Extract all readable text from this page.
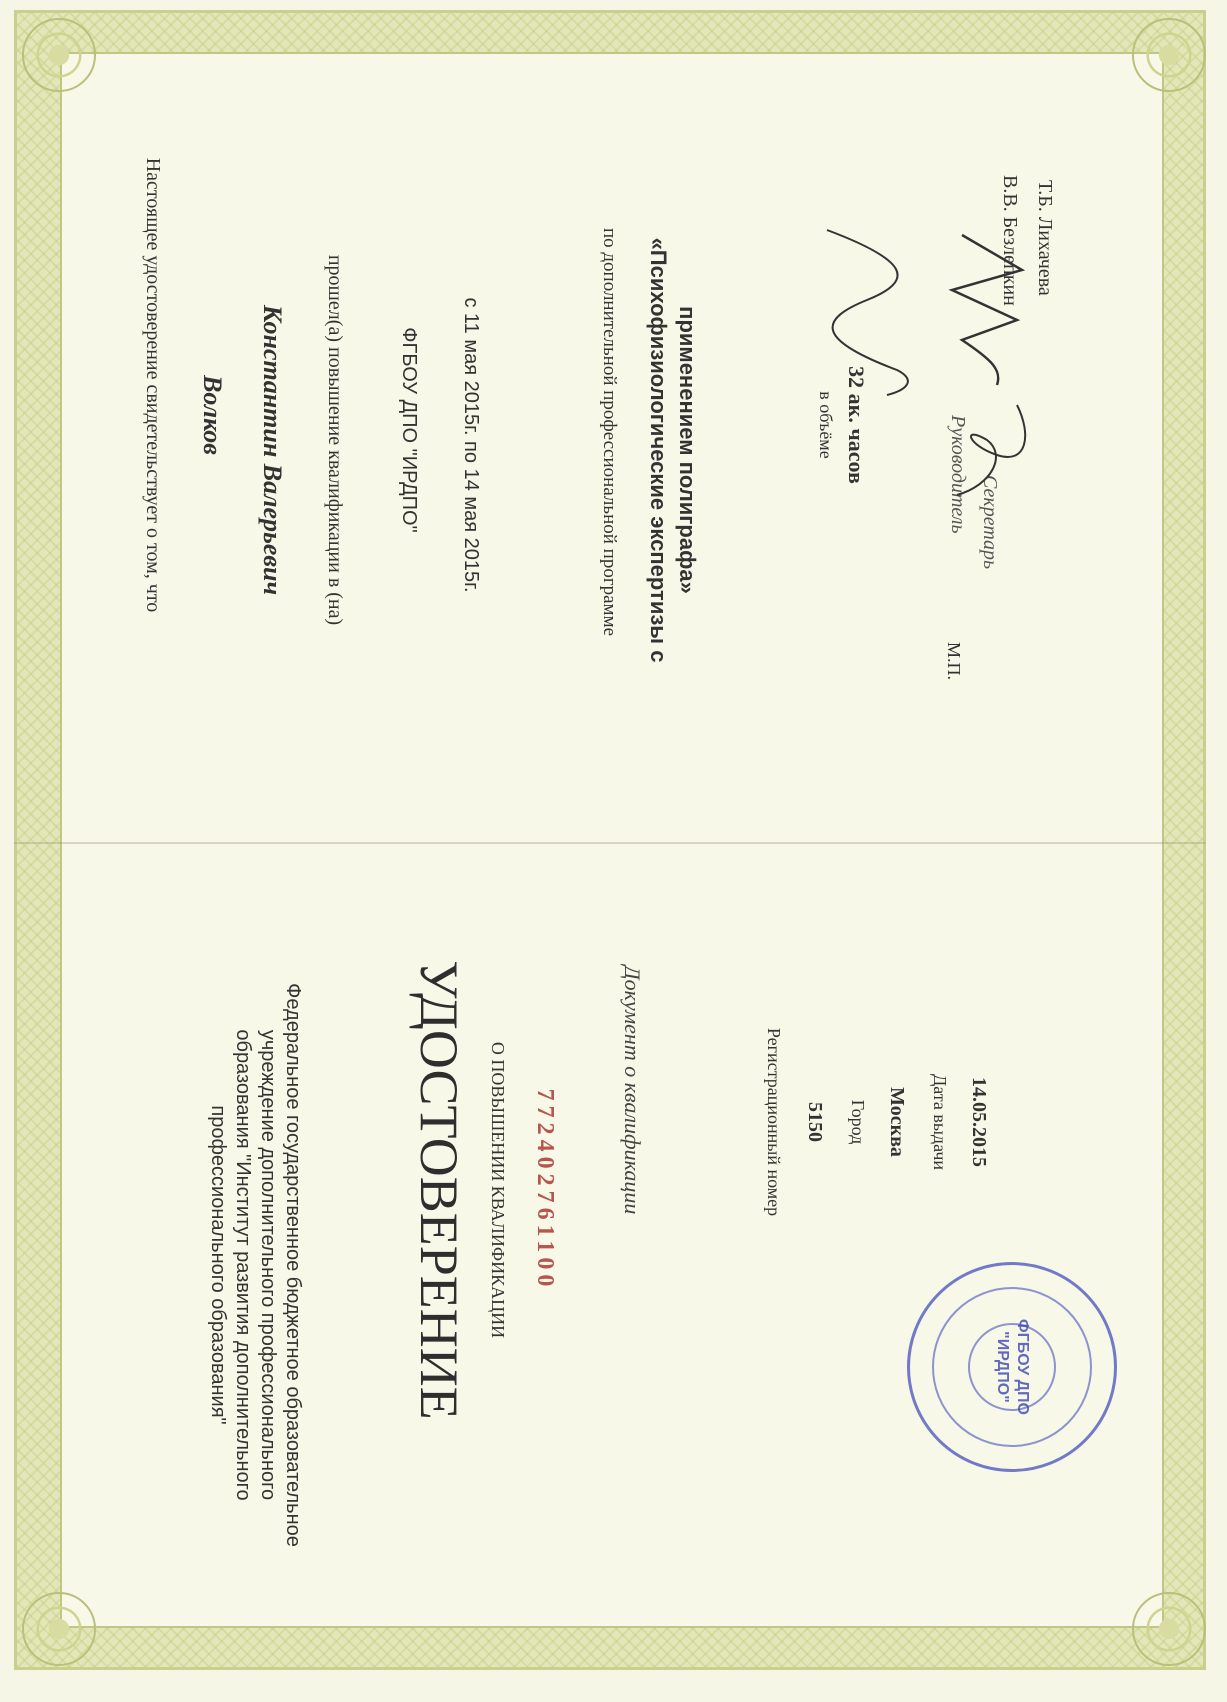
Федеральное государственное бюджетное образовательное
учреждение дополнительного профессионального
образования "Институт развития дополнительного
профессионального образования"	УДОСТОВЕРЕНИЕ О ПОВЫШЕНИИ КВАЛИФИКАЦИИ 772402761100	Документ о квалификации	Регистрационный номер 5150 Город Москва Дата выдачи 14.05.2015
Настоящее удостоверение свидетельствует о том, что Волков Константин Валерьевич прошел(а) повышение квалификации в (на)	ФГБОУ ДПО "ИРДПО" с 11 мая 2015г. по 14 мая 2015г.	по дополнительной профессиональной программе «Психофизиологические экспертизы с применением полиграфа»	в объёме 32 ак. часов	Руководитель
В.В. Безлепкин
Секретарь
Т.Б. Лихачева
М.П.
ФГБОУ ДПО
"ИРДПО"
